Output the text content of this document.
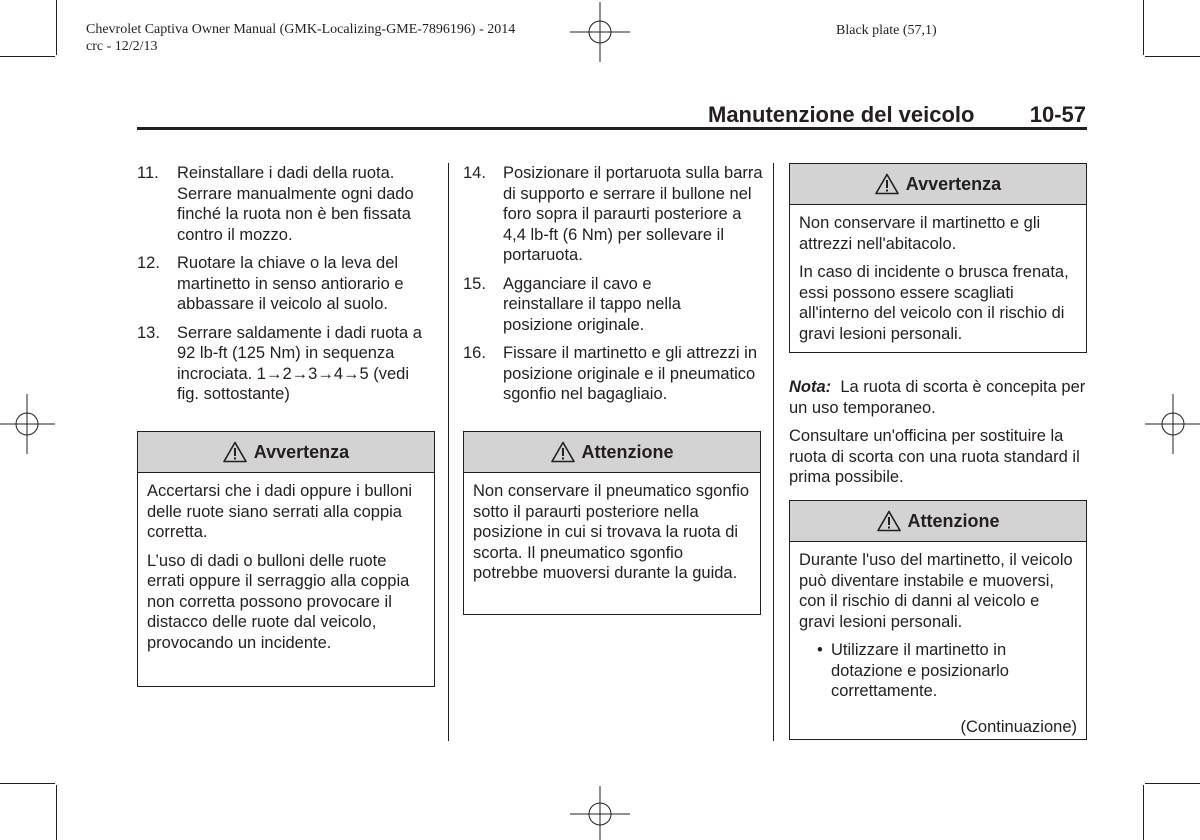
Chevrolet Captiva Owner Manual (GMK-Localizing-GME-7896196) - 2014
crc - 12/2/13
Black plate (57,1)
Manutenzione del veicolo	10-57
11.	Reinstallare i dadi della ruota. Serrare manualmente ogni dado finché la ruota non è ben fissata contro il mozzo.
12.	Ruotare la chiave o la leva del martinetto in senso antiorario e abbassare il veicolo al suolo.
13.	Serrare saldamente i dadi ruota a 92 lb-ft (125 Nm) in sequenza incrociata. 1→2→3→4→5 (vedi fig. sottostante)
Avvertenza

Accertarsi che i dadi oppure i bulloni delle ruote siano serrati alla coppia corretta.

L’uso di dadi o bulloni delle ruote errati oppure il serraggio alla coppia non corretta possono provocare il distacco delle ruote dal veicolo, provocando un incidente.

14.	Posizionare il portaruota sulla barra di supporto e serrare il bullone nel foro sopra il paraurti posteriore a 4,4 lb-ft (6 Nm) per sollevare il portaruota.
15.	Agganciare il cavo e reinstallare il tappo nella posizione originale.
16.	Fissare il martinetto e gli attrezzi in posizione originale e il pneumatico sgonfio nel bagagliaio.
Attenzione

Non conservare il pneumatico sgonfio sotto il paraurti posteriore nella posizione in cui si trovava la ruota di scorta. Il pneumatico sgonfio potrebbe muoversi durante la guida.

Avvertenza

Non conservare il martinetto e gli attrezzi nell'abitacolo.

In caso di incidente o brusca frenata, essi possono essere scagliati all'interno del veicolo con il rischio di gravi lesioni personali.

Nota:  La ruota di scorta è concepita per un uso temporaneo.

Consultare un'officina per sostituire la ruota di scorta con una ruota standard il prima possibile.

Attenzione

Durante l'uso del martinetto, il veicolo può diventare instabile e muoversi, con il rischio di danni al veicolo e gravi lesioni personali.

• Utilizzare il martinetto in dotazione e posizionarlo correttamente.
(Continuazione)
